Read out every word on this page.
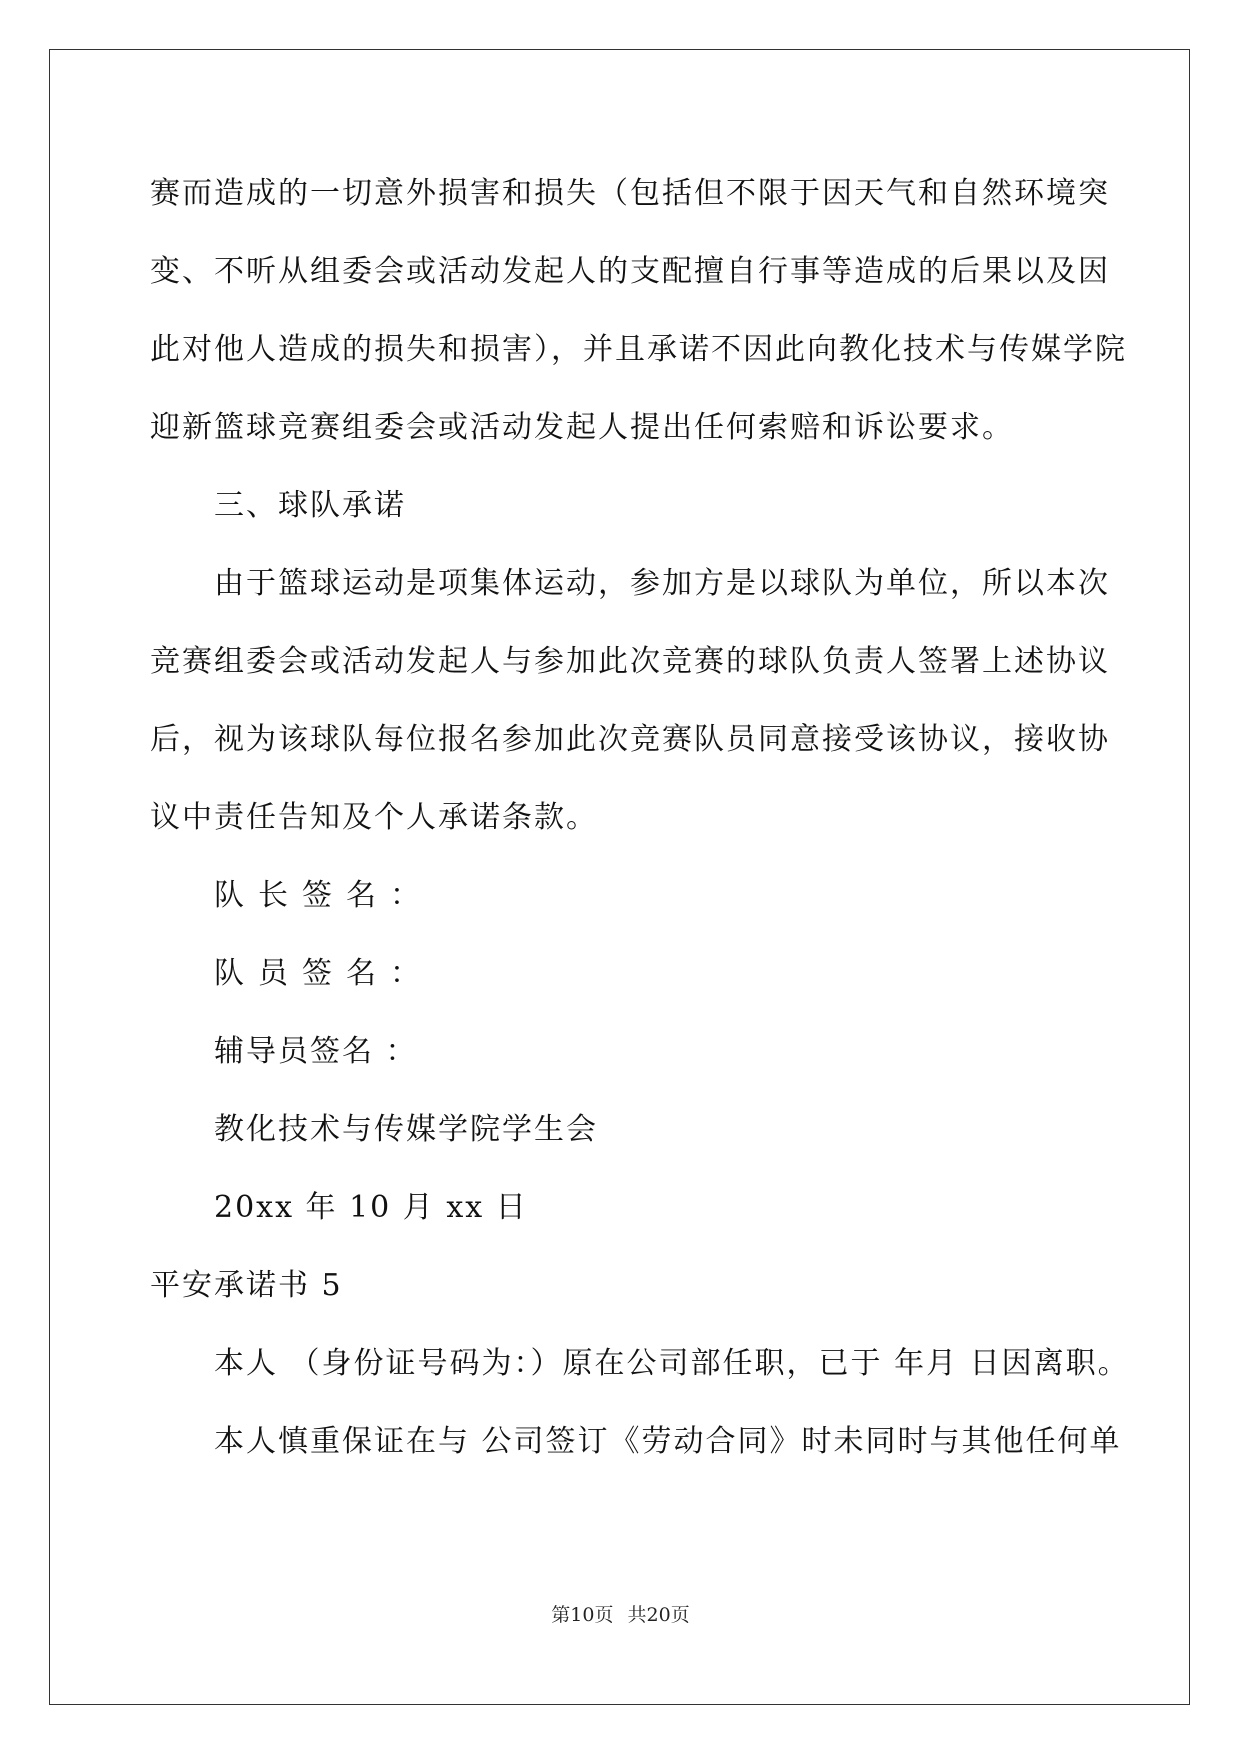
赛而造成的一切意外损害和损失（包括但不限于因天气和自然环境突
变、不听从组委会或活动发起人的支配擅自行事等造成的后果以及因
此对他人造成的损失和损害），并且承诺不因此向教化技术与传媒学院
迎新篮球竞赛组委会或活动发起人提出任何索赔和诉讼要求。
三、球队承诺
由于篮球运动是项集体运动，参加方是以球队为单位，所以本次
竞赛组委会或活动发起人与参加此次竞赛的球队负责人签署上述协议
后，视为该球队每位报名参加此次竞赛队员同意接受该协议，接收协
议中责任告知及个人承诺条款。
队长签名：
队员签名：
辅导员签名 ：
教化技术与传媒学院学生会
20xx 年 10 月 xx 日
平安承诺书 5
本人 （身份证号码为：）原在公司部任职，已于 年月 日因离职。
本人慎重保证在与 公司签订《劳动合同》时未同时与其他任何单
第10页 共20页
